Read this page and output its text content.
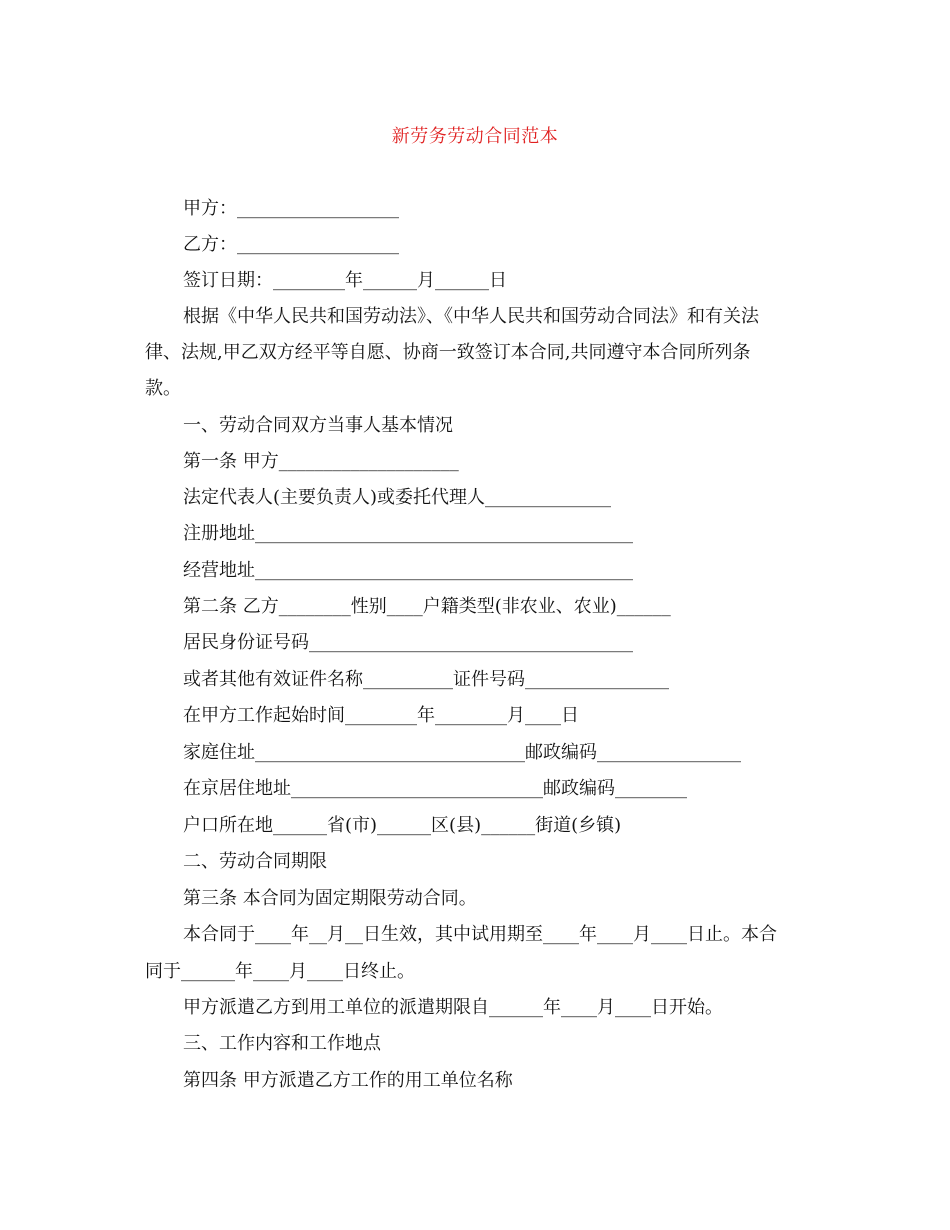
新劳务劳动合同范本
甲方：__________________
乙方：__________________
签订日期：________年______月______日
根据《中华人民共和国劳动法》、《中华人民共和国劳动合同法》和有关法
律、法规,甲乙双方经平等自愿、协商一致签订本合同,共同遵守本合同所列条
款。
一、劳动合同双方当事人基本情况
第一条 甲方____________________
法定代表人(主要负责人)或委托代理人______________
注册地址__________________________________________
经营地址__________________________________________
第二条 乙方________性别____户籍类型(非农业、农业)______
居民身份证号码____________________________________
或者其他有效证件名称__________证件号码________________
在甲方工作起始时间________年________月____日
家庭住址______________________________邮政编码________________
在京居住地址____________________________邮政编码________
户口所在地______省(市)______区(县)______街道(乡镇)
二、劳动合同期限
第三条 本合同为固定期限劳动合同。
本合同于____年__月__日生效，其中试用期至____年____月____日止。本合
同于______年____月____日终止。
甲方派遣乙方到用工单位的派遣期限自______年____月____日开始。
三、工作内容和工作地点
第四条 甲方派遣乙方工作的用工单位名称
